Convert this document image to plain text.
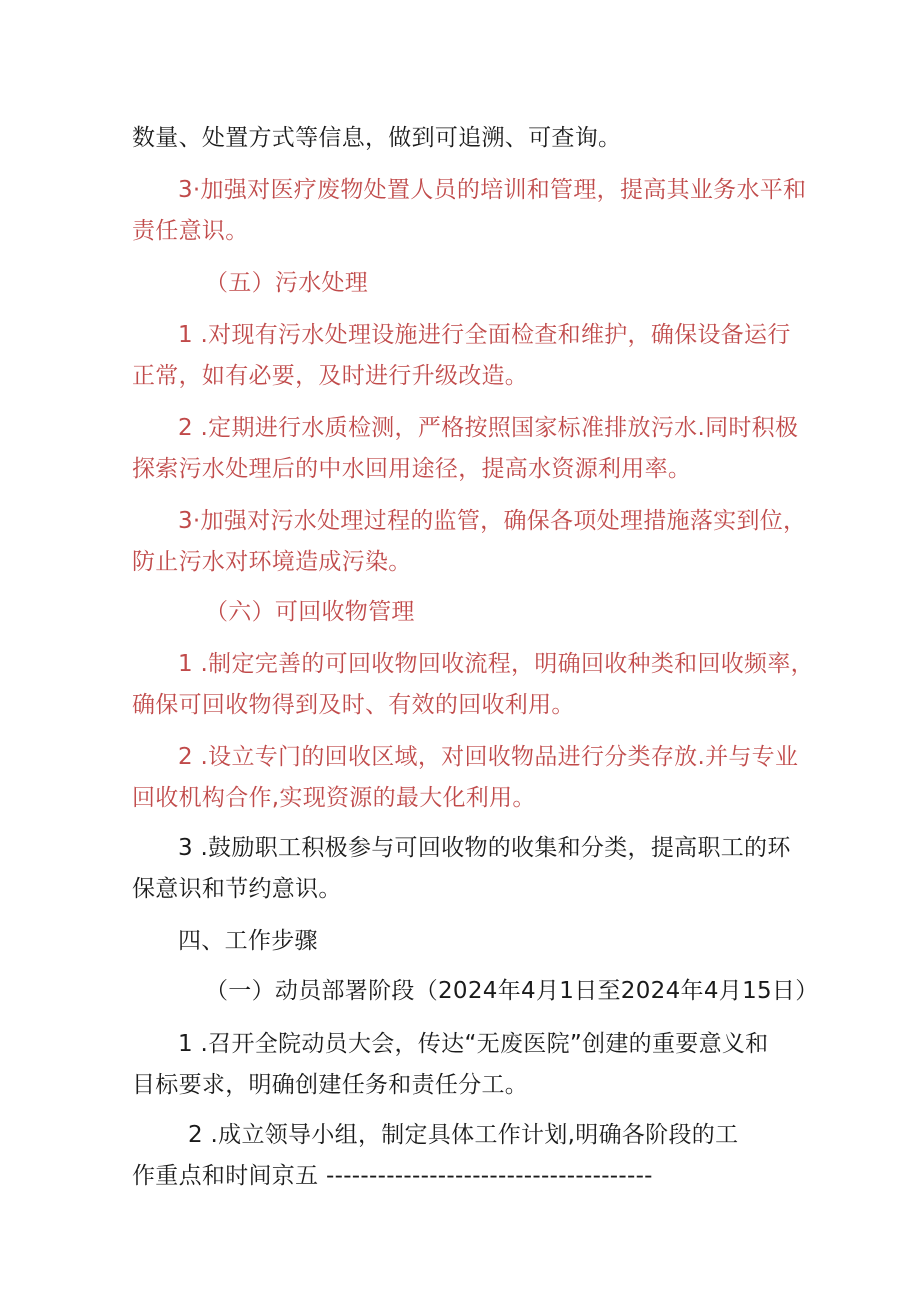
数量、处置方式等信息，做到可追溯、可查询。
3·加强对医疗废物处置人员的培训和管理，提高其业务水平和
责任意识。
（五）污水处理
1 .对现有污水处理设施进行全面检查和维护，确保设备运行
正常，如有必要，及时进行升级改造。
2 .定期进行水质检测，严格按照国家标准排放污水.同时积极
探索污水处理后的中水回用途径，提高水资源利用率。
3·加强对污水处理过程的监管，确保各项处理措施落实到位，
防止污水对环境造成污染。
（六）可回收物管理
1 .制定完善的可回收物回收流程，明确回收种类和回收频率，
确保可回收物得到及时、有效的回收利用。
2 .设立专门的回收区域，对回收物品进行分类存放.并与专业
回收机构合作,实现资源的最大化利用。
3 .鼓励职工积极参与可回收物的收集和分类，提高职工的环
保意识和节约意识。
四、工作步骤
（一）动员部署阶段（2024年4月1日至2024年4月15日）
1 .召开全院动员大会，传达“无废医院”创建的重要意义和
目标要求，明确创建任务和责任分工。
2 .成立领导小组，制定具体工作计划,明确各阶段的工
作重点和时间京五 --------------------------------------
